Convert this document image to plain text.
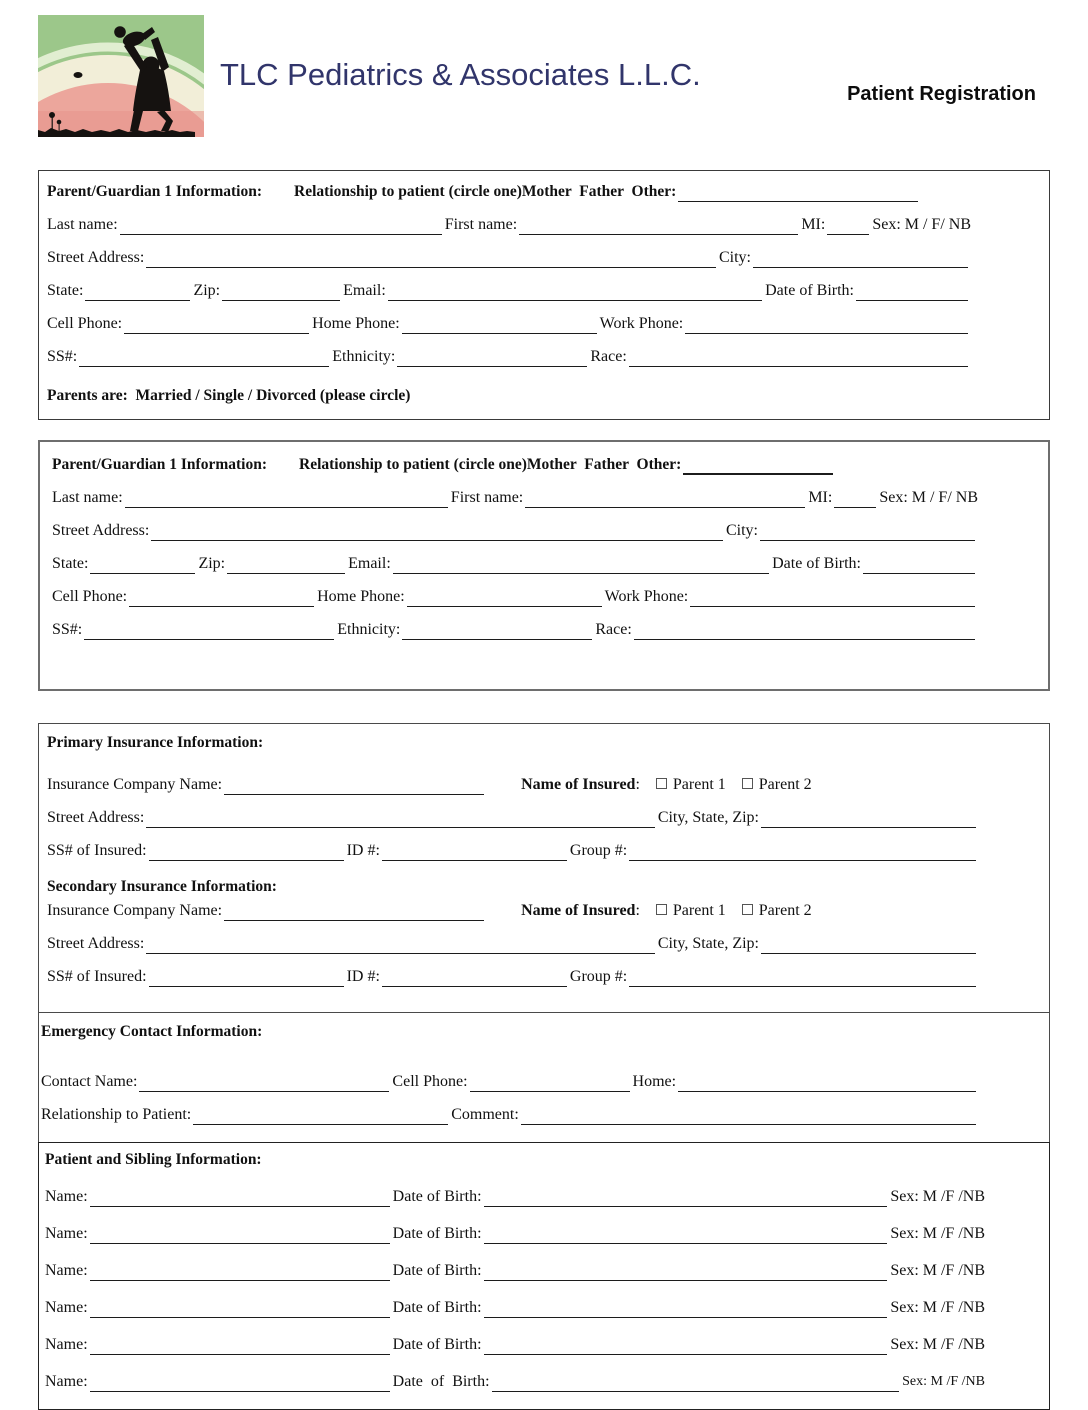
TLC Pediatrics & Associates L.L.C.
Patient Registration
Parent/Guardian 1 Information:
Relationship to patient (circle one) Mother  Father  Other:
Last name:	First name:	MI:	Sex: M / F/ NB
Street Address:	City:
State:	Zip:	Email:	Date of Birth:
Cell Phone:	Home Phone:	Work Phone:
SS#:	Ethnicity:	Race:
Parents are:  Married / Single / Divorced (please circle)
Parent/Guardian 1 Information:
Relationship to patient (circle one) Mother  Father  Other:
Last name:	First name:	MI:	Sex: M / F/ NB
Street Address:	City:
State:	Zip:	Email:	Date of Birth:
Cell Phone:	Home Phone:	Work Phone:
SS#:	Ethnicity:	Race:
Primary Insurance Information:
Insurance Company Name:	Name of Insured : Parent 1 Parent 2
Street Address:	City, State, Zip:
SS# of Insured:	ID #:	Group #:
Secondary Insurance Information:
Insurance Company Name:	Name of Insured : Parent 1 Parent 2
Street Address:	City, State, Zip:
SS# of Insured:	ID #:	Group #:
Emergency Contact Information:
Contact Name:	Cell Phone:	Home:
Relationship to Patient:	Comment:
Patient and Sibling Information:
Name:	Date of Birth:	Sex: M /F /NB
Name:	Date of Birth:	Sex: M /F /NB
Name:	Date of Birth:	Sex: M /F /NB
Name:	Date of Birth:	Sex: M /F /NB
Name:	Date of Birth:	Sex: M /F /NB
Name:	Date  of  Birth:	Sex: M /F /NB
